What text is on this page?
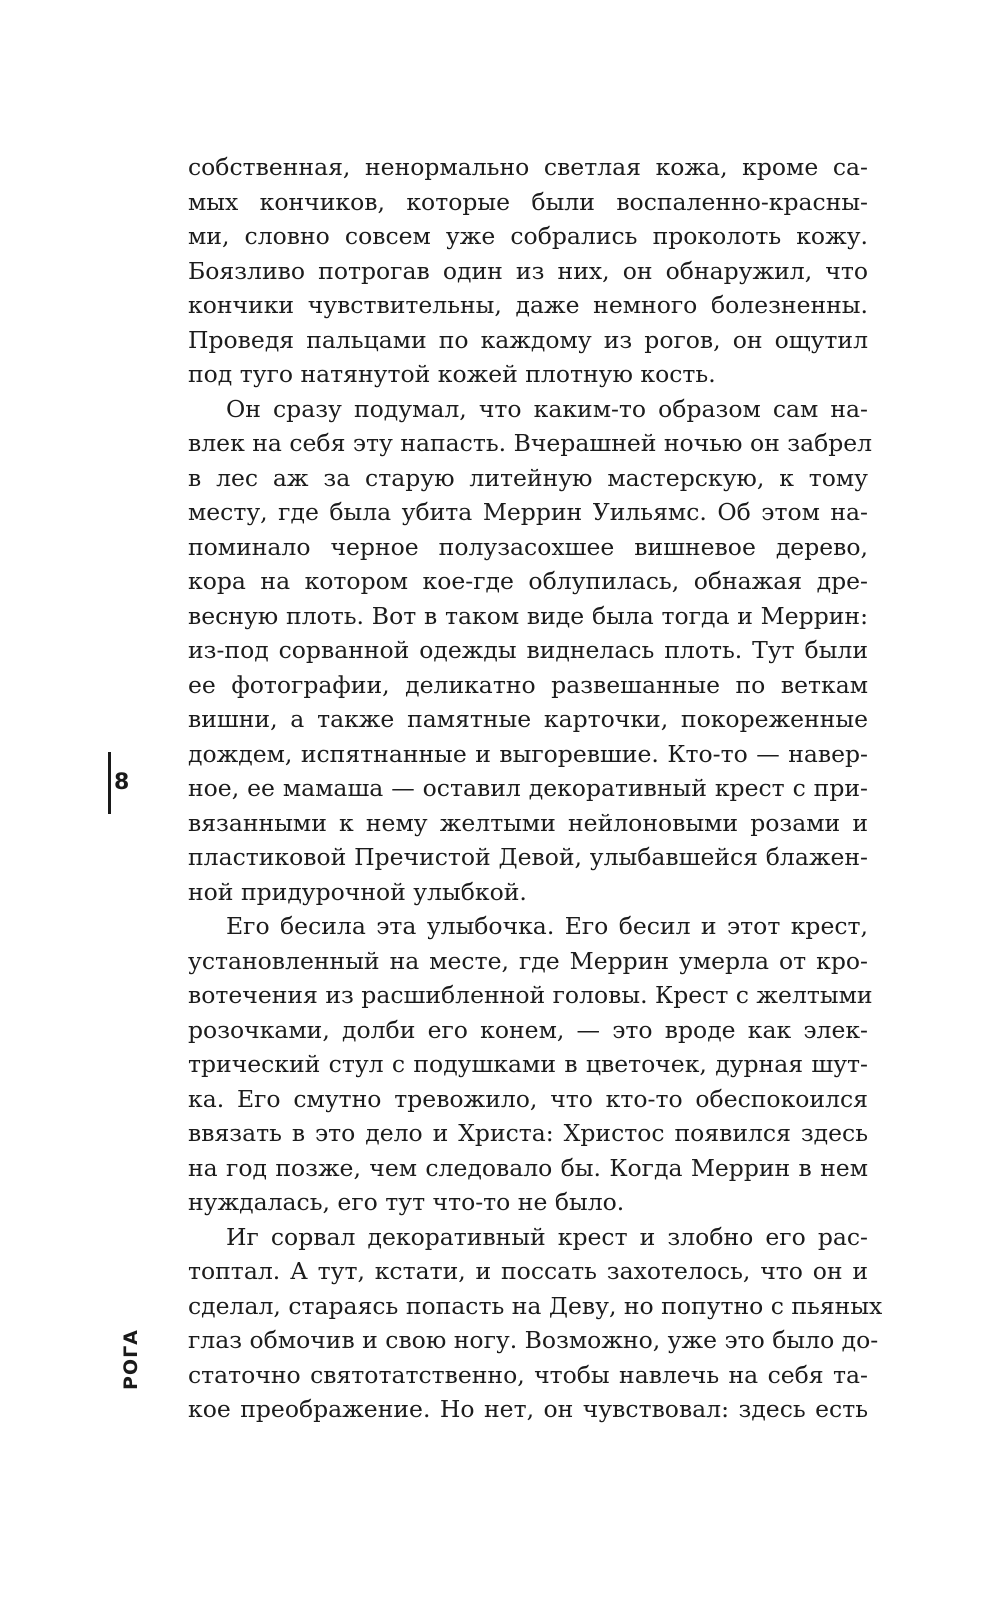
собственная, ненормально светлая кожа, кроме са-
мых кончиков, которые были воспаленно-красны-
ми, словно совсем уже собрались проколоть кожу.
Боязливо потрогав один из них, он обнаружил, что
кончики чувствительны, даже немного болезненны.
Проведя пальцами по каждому из рогов, он ощутил
под туго натянутой кожей плотную кость.

Он сразу подумал, что каким-то образом сам на-
влек на себя эту напасть. Вчерашней ночью он забрел
в лес аж за старую литейную мастерскую, к тому
месту, где была убита Меррин Уильямс. Об этом на-
поминало черное полузасохшее вишневое дерево,
кора на котором кое-где облупилась, обнажая дре-
весную плоть. Вот в таком виде была тогда и Меррин:
из-под сорванной одежды виднелась плоть. Тут были
ее фотографии, деликатно развешанные по веткам
вишни, а также памятные карточки, покореженные
дождем, испятнанные и выгоревшие. Кто-то — навер-
ное, ее мамаша — оставил декоративный крест с при-
вязанными к нему желтыми нейлоновыми розами и
пластиковой Пречистой Девой, улыбавшейся блажен-
ной придурочной улыбкой.

Его бесила эта улыбочка. Его бесил и этот крест,
установленный на месте, где Меррин умерла от кро-
вотечения из расшибленной головы. Крест с желтыми
розочками, долби его конем, — это вроде как элек-
трический стул с подушками в цветочек, дурная шут-
ка. Его смутно тревожило, что кто-то обеспокоился
ввязать в это дело и Христа: Христос появился здесь
на год позже, чем следовало бы. Когда Меррин в нем
нуждалась, его тут что-то не было.

Иг сорвал декоративный крест и злобно его рас-
топтал. А тут, кстати, и поссать захотелось, что он и
сделал, стараясь попасть на Деву, но попутно с пьяных
глаз обмочив и свою ногу. Возможно, уже это было до-
статочно святотатственно, чтобы навлечь на себя та-
кое преображение. Но нет, он чувствовал: здесь есть

8
РОГА
